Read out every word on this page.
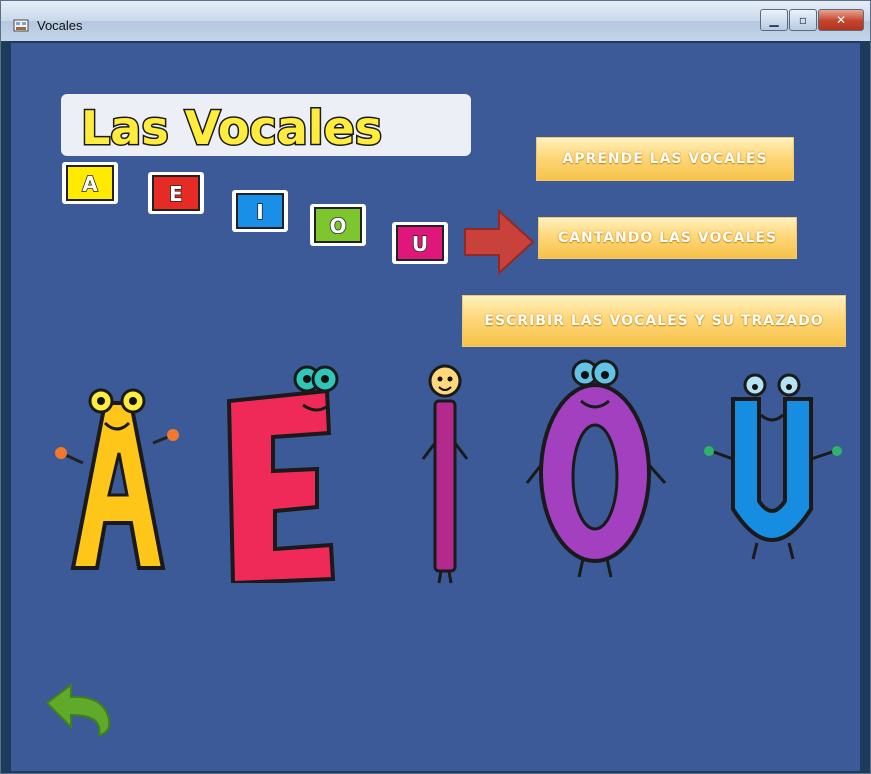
Vocales	▁ ▫ ✕
Las Vocales
A	E
I
O
U
APRENDE LAS VOCALES
CANTANDO LAS VOCALES
ESCRIBIR LAS VOCALES Y SU TRAZADO
